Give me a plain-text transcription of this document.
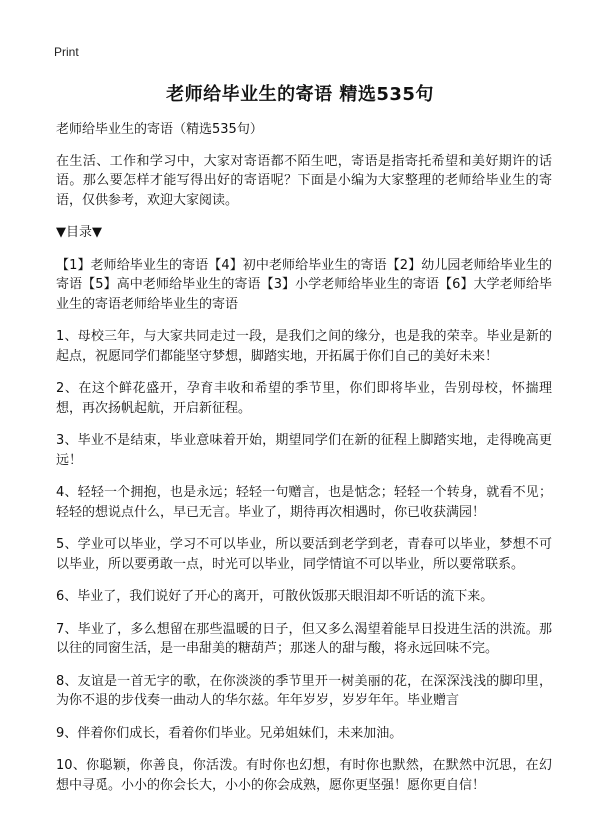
Print
老师给毕业生的寄语 精选535句

老师给毕业生的寄语（精选535句）

在生活、工作和学习中，大家对寄语都不陌生吧，寄语是指寄托希望和美好期许的话语。那么要怎样才能写得出好的寄语呢？下面是小编为大家整理的老师给毕业生的寄语，仅供参考，欢迎大家阅读。

▼目录▼

【1】老师给毕业生的寄语【4】初中老师给毕业生的寄语【2】幼儿园老师给毕业生的寄语【5】高中老师给毕业生的寄语【3】小学老师给毕业生的寄语【6】大学老师给毕业生的寄语老师给毕业生的寄语

1、母校三年，与大家共同走过一段，是我们之间的缘分，也是我的荣幸。毕业是新的起点，祝愿同学们都能坚守梦想，脚踏实地，开拓属于你们自己的美好未来！

2、在这个鲜花盛开，孕育丰收和希望的季节里，你们即将毕业，告别母校，怀揣理想，再次扬帆起航，开启新征程。

3、毕业不是结束，毕业意味着开始，期望同学们在新的征程上脚踏实地，走得晚高更远！

4、轻轻一个拥抱，也是永远；轻轻一句赠言，也是惦念；轻轻一个转身，就看不见；轻轻的想说点什么，早已无言。毕业了，期待再次相遇时，你已收获满园！

5、学业可以毕业，学习不可以毕业，所以要活到老学到老，青春可以毕业，梦想不可以毕业，所以要勇敢一点，时光可以毕业，同学情谊不可以毕业，所以要常联系。

6、毕业了，我们说好了开心的离开，可散伙饭那天眼泪却不听话的流下来。

7、毕业了，多么想留在那些温暖的日子，但又多么渴望着能早日投进生活的洪流。那以往的同窗生活，是一串甜美的糖葫芦；那迷人的甜与酸，将永远回味不完。

8、友谊是一首无字的歌，在你淡淡的季节里开一树美丽的花，在深深浅浅的脚印里，为你不退的步伐奏一曲动人的华尔兹。年年岁岁，岁岁年年。毕业赠言

9、伴着你们成长，看着你们毕业。兄弟姐妹们，未来加油。

10、你聪颖，你善良，你活泼。有时你也幻想，有时你也默然，在默然中沉思，在幻想中寻觅。小小的你会长大，小小的你会成熟，愿你更坚强！愿你更自信！
